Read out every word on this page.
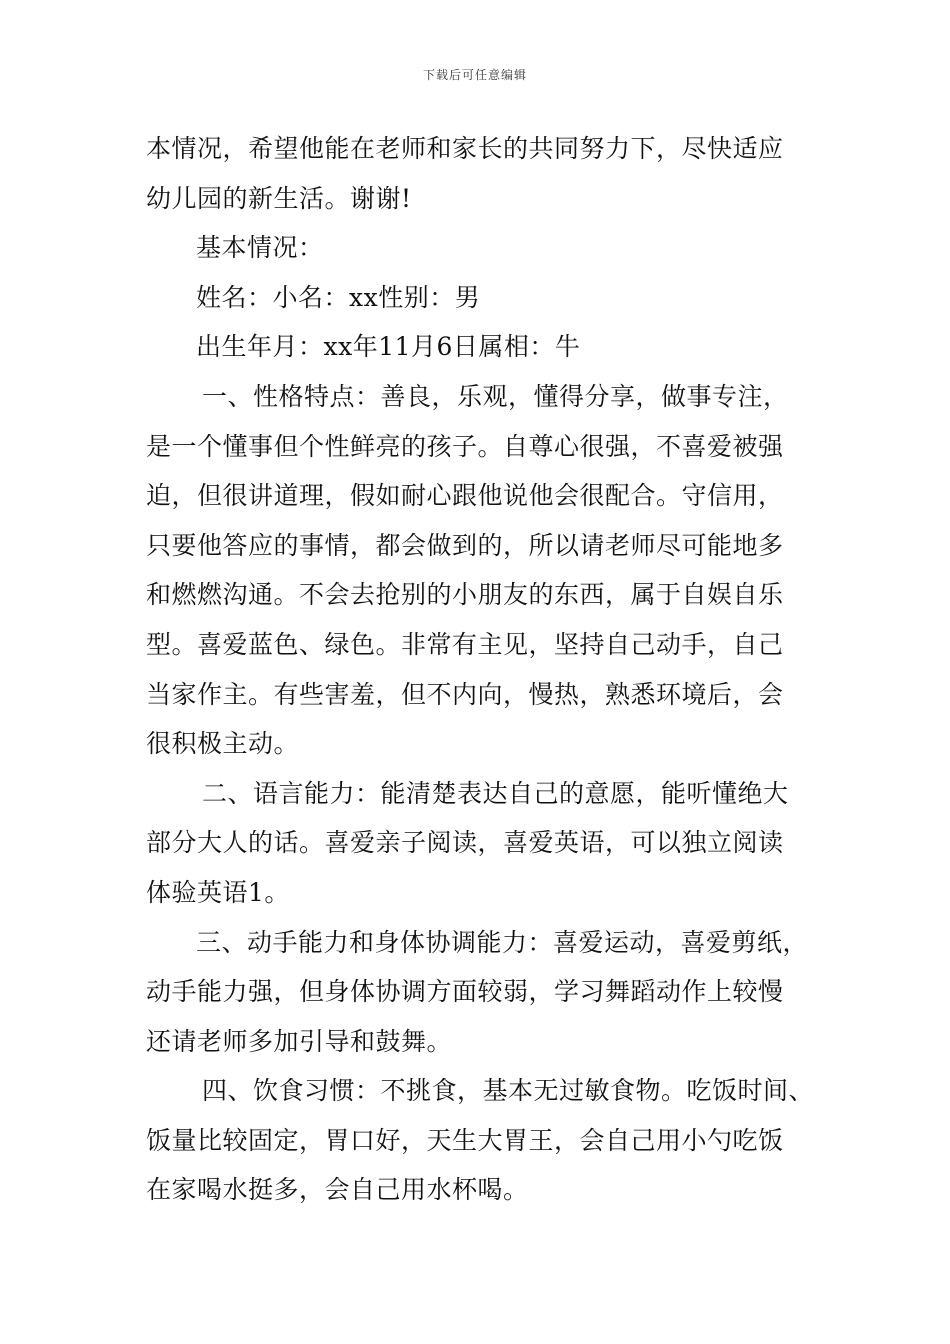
下载后可任意编辑
本情况，希望他能在老师和家长的共同努力下，尽快适应
幼儿园的新生活。谢谢!
基本情况：
姓名：小名：xx性别：男
出生年月：xx年11月6日属相：牛
一、性格特点：善良，乐观，懂得分享，做事专注，
是一个懂事但个性鲜亮的孩子。自尊心很强，不喜爱被强
迫，但很讲道理，假如耐心跟他说他会很配合。守信用，
只要他答应的事情，都会做到的，所以请老师尽可能地多
和燃燃沟通。不会去抢别的小朋友的东西，属于自娱自乐
型。喜爱蓝色、绿色。非常有主见，坚持自己动手，自己
当家作主。有些害羞，但不内向，慢热，熟悉环境后，会
很积极主动。
二、语言能力：能清楚表达自己的意愿，能听懂绝大
部分大人的话。喜爱亲子阅读，喜爱英语，可以独立阅读
体验英语1。
三、动手能力和身体协调能力：喜爱运动，喜爱剪纸，
动手能力强，但身体协调方面较弱，学习舞蹈动作上较慢
还请老师多加引导和鼓舞。
四、饮食习惯：不挑食，基本无过敏食物。吃饭时间、
饭量比较固定，胃口好，天生大胃王，会自己用小勺吃饭
在家喝水挺多，会自己用水杯喝。
